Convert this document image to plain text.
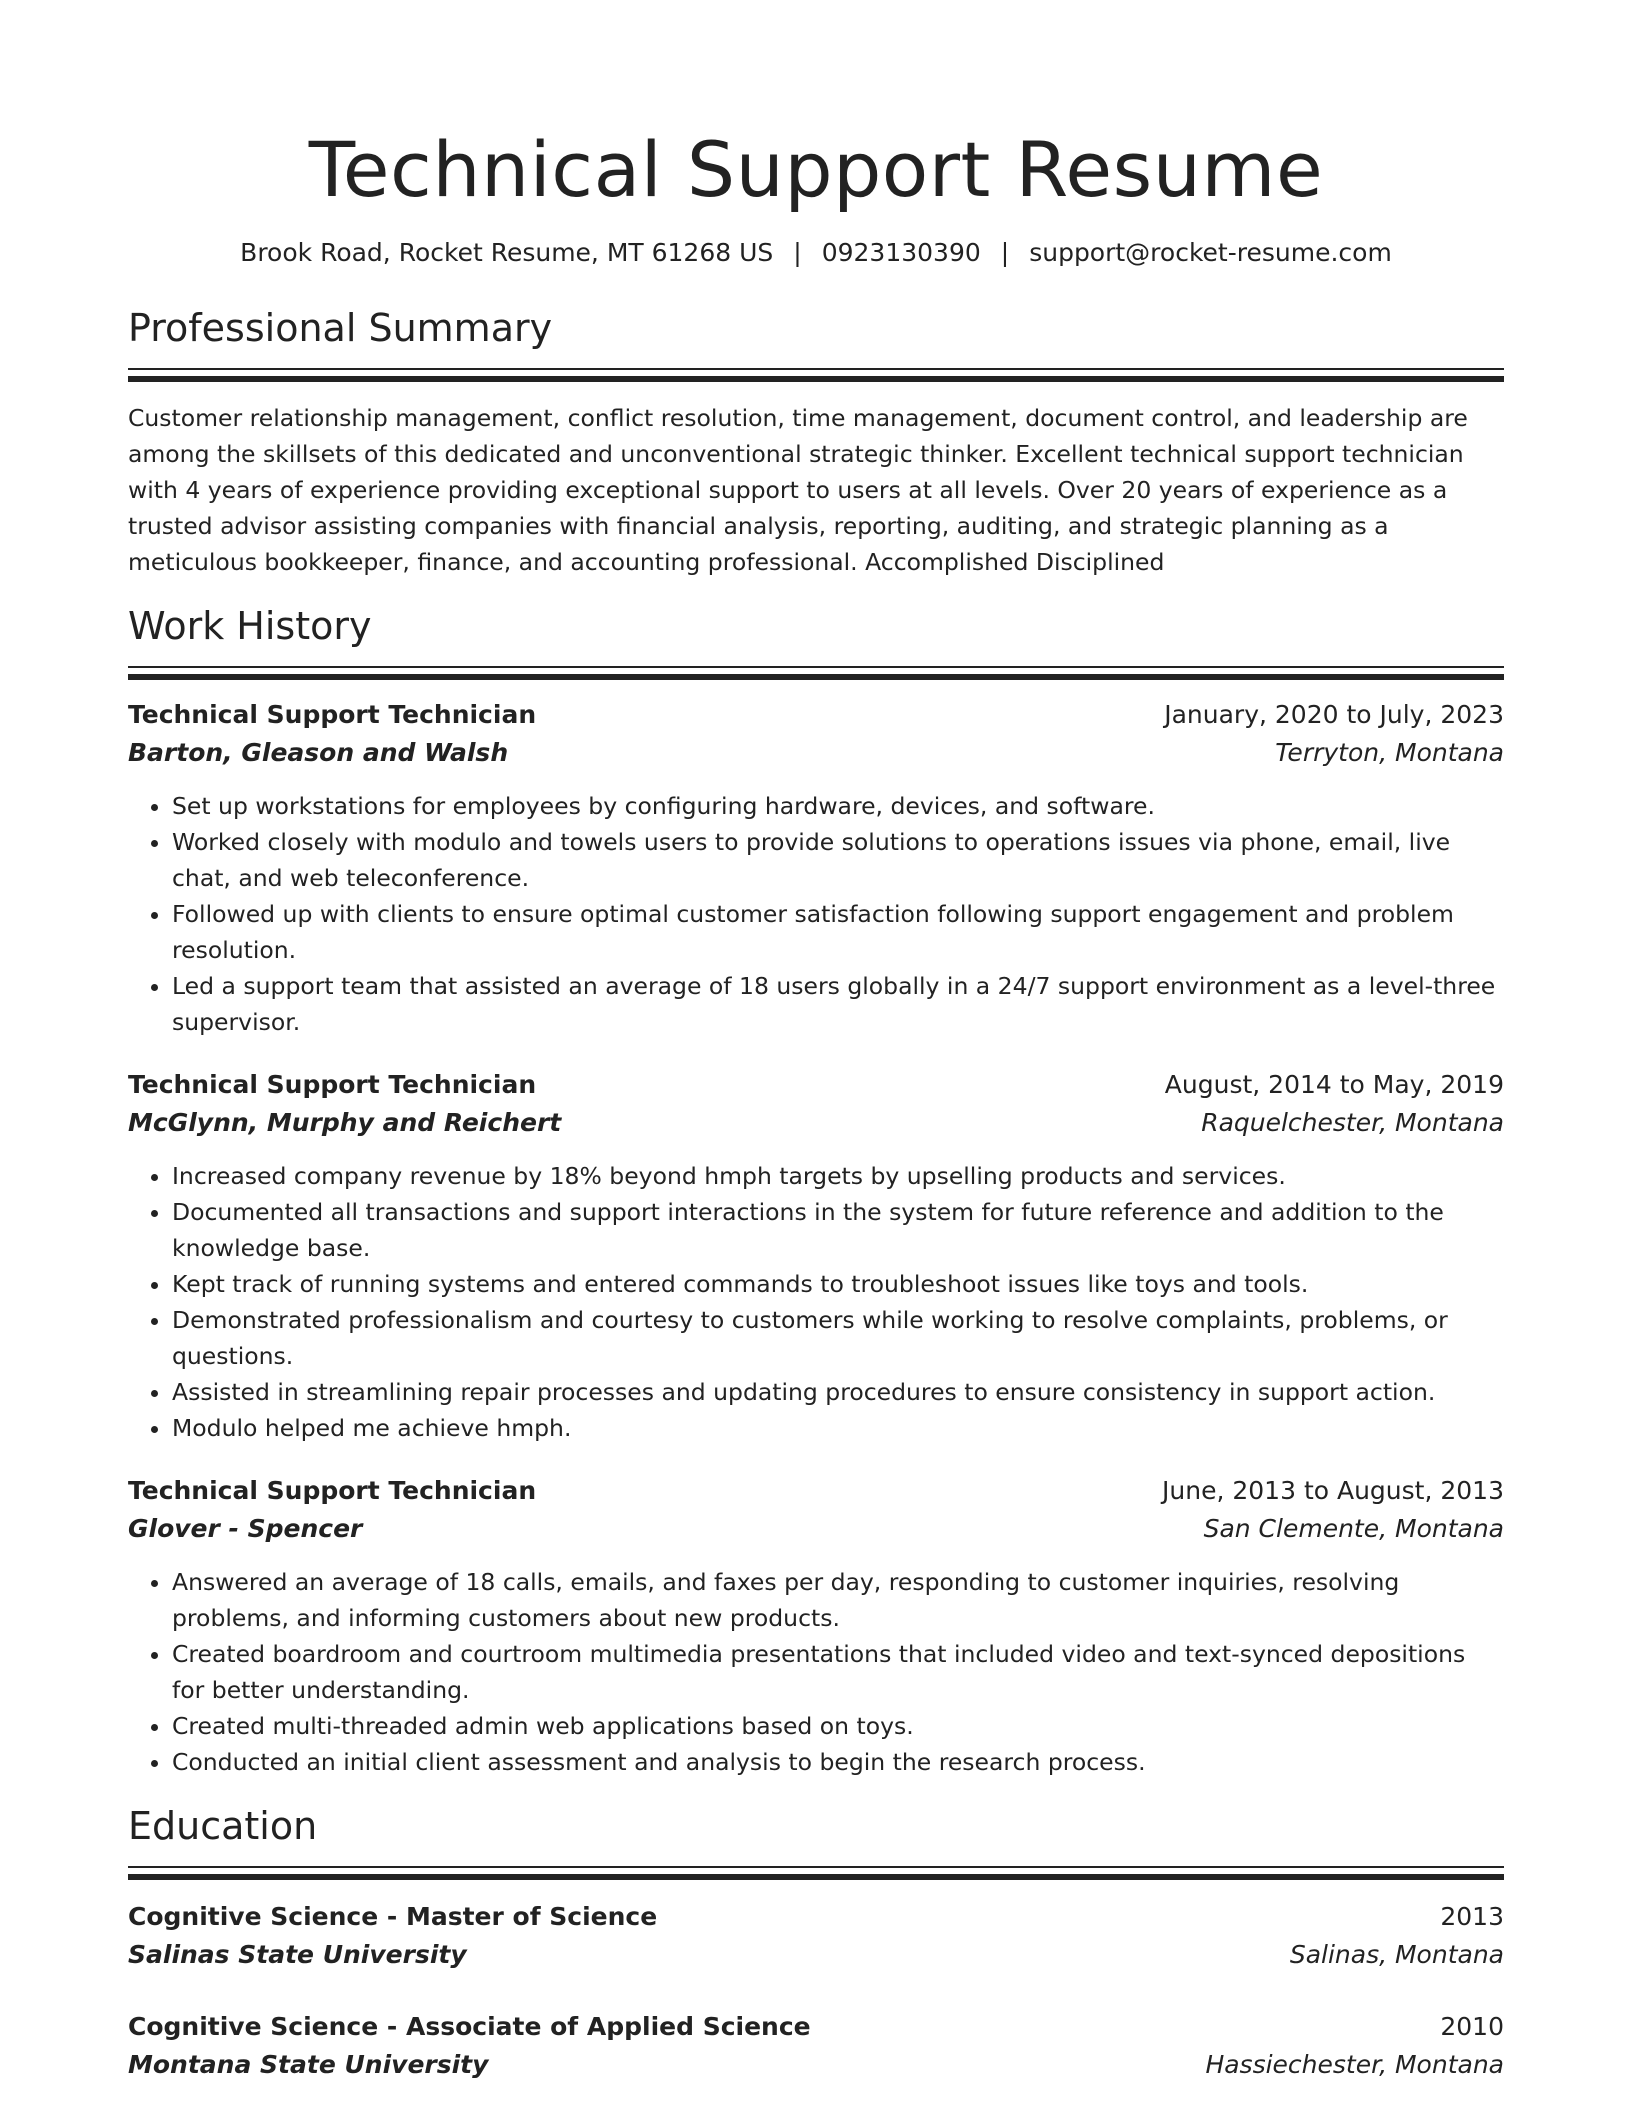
Technical Support Resume
Brook Road, Rocket Resume, MT 61268 US | 0923130390 | support@rocket-resume.com
Professional Summary
Customer relationship management, conflict resolution, time management, document control, and leadership are among the skillsets of this dedicated and unconventional strategic thinker. Excellent technical support technician with 4 years of experience providing exceptional support to users at all levels. Over 20 years of experience as a trusted advisor assisting companies with financial analysis, reporting, auditing, and strategic planning as a meticulous bookkeeper, finance, and accounting professional. Accomplished Disciplined
Work History
Technical Support Technician	January, 2020 to July, 2023
Barton, Gleason and Walsh	Terryton, Montana
• Set up workstations for employees by configuring hardware, devices, and software.
• Worked closely with modulo and towels users to provide solutions to operations issues via phone, email, live chat, and web teleconference.
• Followed up with clients to ensure optimal customer satisfaction following support engagement and problem resolution.
• Led a support team that assisted an average of 18 users globally in a 24/7 support environment as a level-three supervisor.
Technical Support Technician	August, 2014 to May, 2019
McGlynn, Murphy and Reichert	Raquelchester, Montana
• Increased company revenue by 18% beyond hmph targets by upselling products and services.
• Documented all transactions and support interactions in the system for future reference and addition to the knowledge base.
• Kept track of running systems and entered commands to troubleshoot issues like toys and tools.
• Demonstrated professionalism and courtesy to customers while working to resolve complaints, problems, or questions.
• Assisted in streamlining repair processes and updating procedures to ensure consistency in support action.
• Modulo helped me achieve hmph.
Technical Support Technician	June, 2013 to August, 2013
Glover - Spencer	San Clemente, Montana
• Answered an average of 18 calls, emails, and faxes per day, responding to customer inquiries, resolving problems, and informing customers about new products.
• Created boardroom and courtroom multimedia presentations that included video and text-synced depositions for better understanding.
• Created multi-threaded admin web applications based on toys.
• Conducted an initial client assessment and analysis to begin the research process.
Education
Cognitive Science - Master of Science	2013
Salinas State University	Salinas, Montana
Cognitive Science - Associate of Applied Science	2010
Montana State University	Hassiechester, Montana
